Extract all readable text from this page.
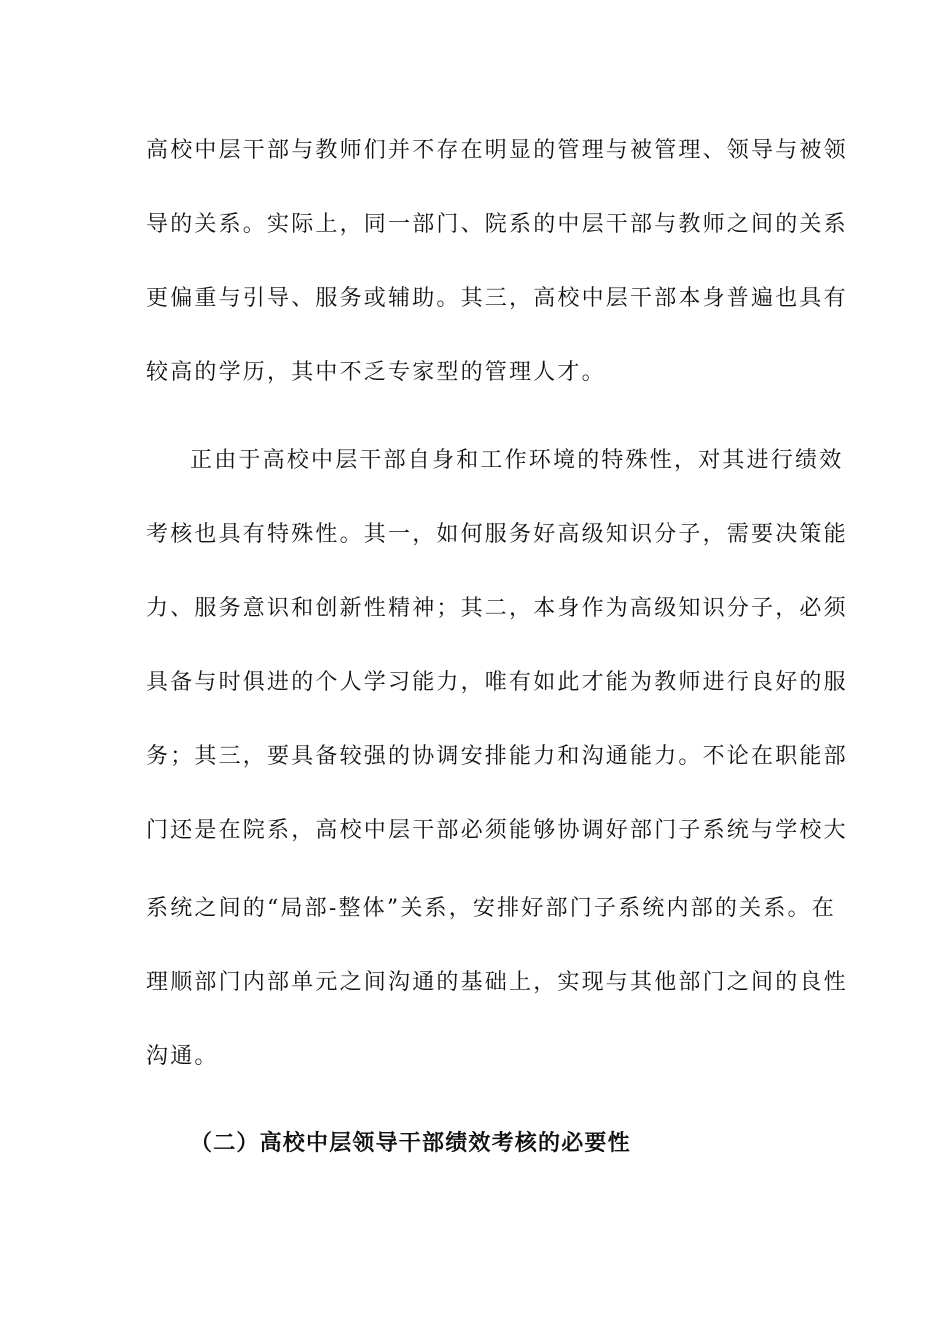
高校中层干部与教师们并不存在明显的管理与被管理、领导与被领
导的关系。实际上，同一部门、院系的中层干部与教师之间的关系
更偏重与引导、服务或辅助。其三，高校中层干部本身普遍也具有
较高的学历，其中不乏专家型的管理人才。
正由于高校中层干部自身和工作环境的特殊性，对其进行绩效
考核也具有特殊性。其一，如何服务好高级知识分子，需要决策能
力、服务意识和创新性精神；其二，本身作为高级知识分子，必须
具备与时俱进的个人学习能力，唯有如此才能为教师进行良好的服
务；其三，要具备较强的协调安排能力和沟通能力。不论在职能部
门还是在院系，高校中层干部必须能够协调好部门子系统与学校大
系统之间的“局部-整体”关系，安排好部门子系统内部的关系。在
理顺部门内部单元之间沟通的基础上，实现与其他部门之间的良性
沟通。
（二）高校中层领导干部绩效考核的必要性
